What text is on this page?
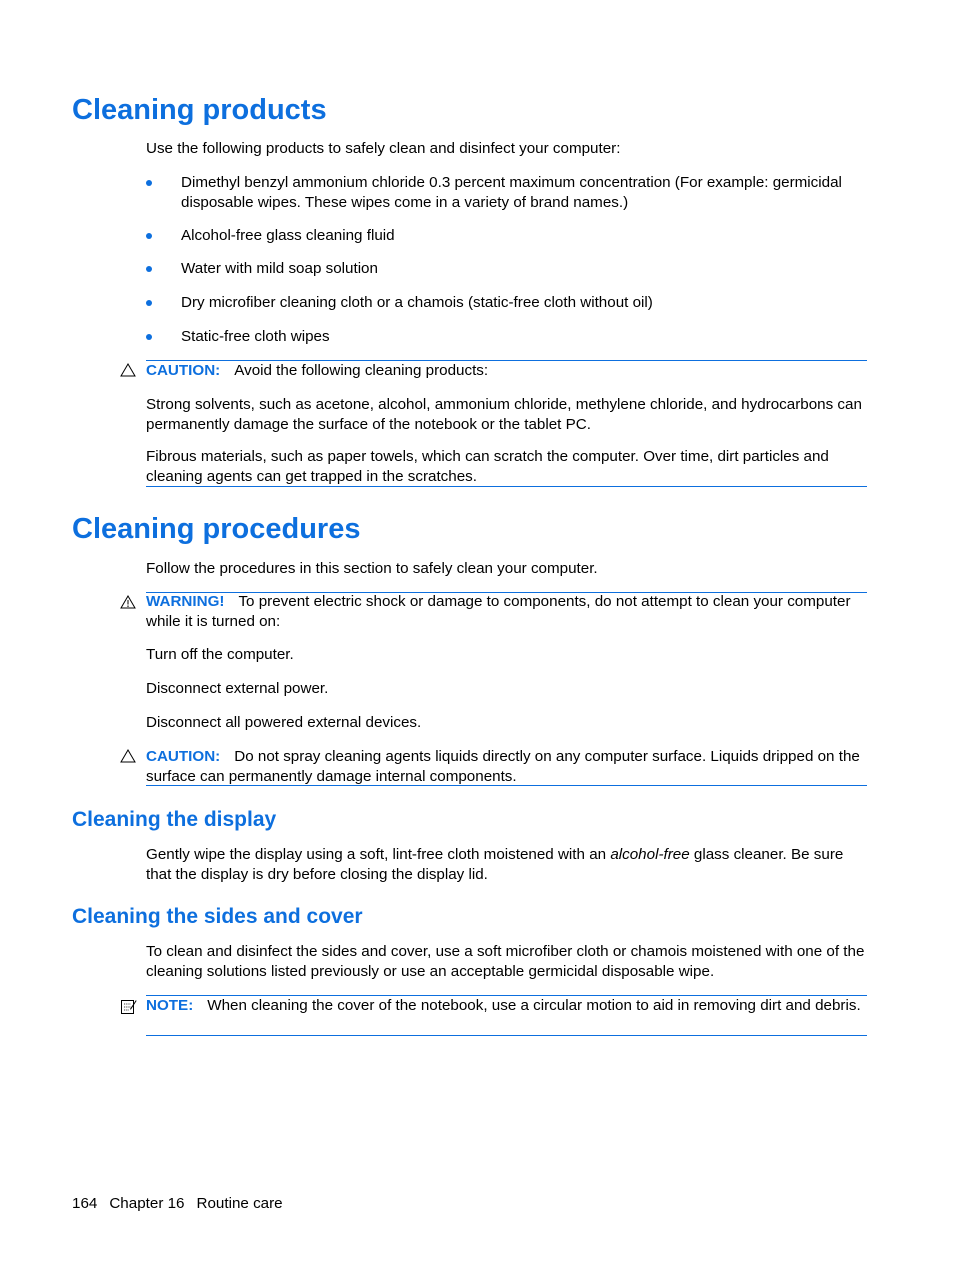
Cleaning products

Use the following products to safely clean and disinfect your computer:

Dimethyl benzyl ammonium chloride 0.3 percent maximum concentration (For example: germicidal disposable wipes. These wipes come in a variety of brand names.)

Alcohol-free glass cleaning fluid

Water with mild soap solution

Dry microfiber cleaning cloth or a chamois (static-free cloth without oil)

Static-free cloth wipes

CAUTION: Avoid the following cleaning products:

Strong solvents, such as acetone, alcohol, ammonium chloride, methylene chloride, and hydrocarbons can permanently damage the surface of the notebook or the tablet PC.

Fibrous materials, such as paper towels, which can scratch the computer. Over time, dirt particles and cleaning agents can get trapped in the scratches.

Cleaning procedures

Follow the procedures in this section to safely clean your computer.

WARNING! To prevent electric shock or damage to components, do not attempt to clean your computer while it is turned on:

Turn off the computer.

Disconnect external power.

Disconnect all powered external devices.

CAUTION: Do not spray cleaning agents liquids directly on any computer surface. Liquids dripped on the surface can permanently damage internal components.

Cleaning the display

Gently wipe the display using a soft, lint-free cloth moistened with an alcohol-free glass cleaner. Be sure that the display is dry before closing the display lid.

Cleaning the sides and cover

To clean and disinfect the sides and cover, use a soft microfiber cloth or chamois moistened with one of the cleaning solutions listed previously or use an acceptable germicidal disposable wipe.

NOTE: When cleaning the cover of the notebook, use a circular motion to aid in removing dirt and debris.

164 Chapter 16 Routine care
